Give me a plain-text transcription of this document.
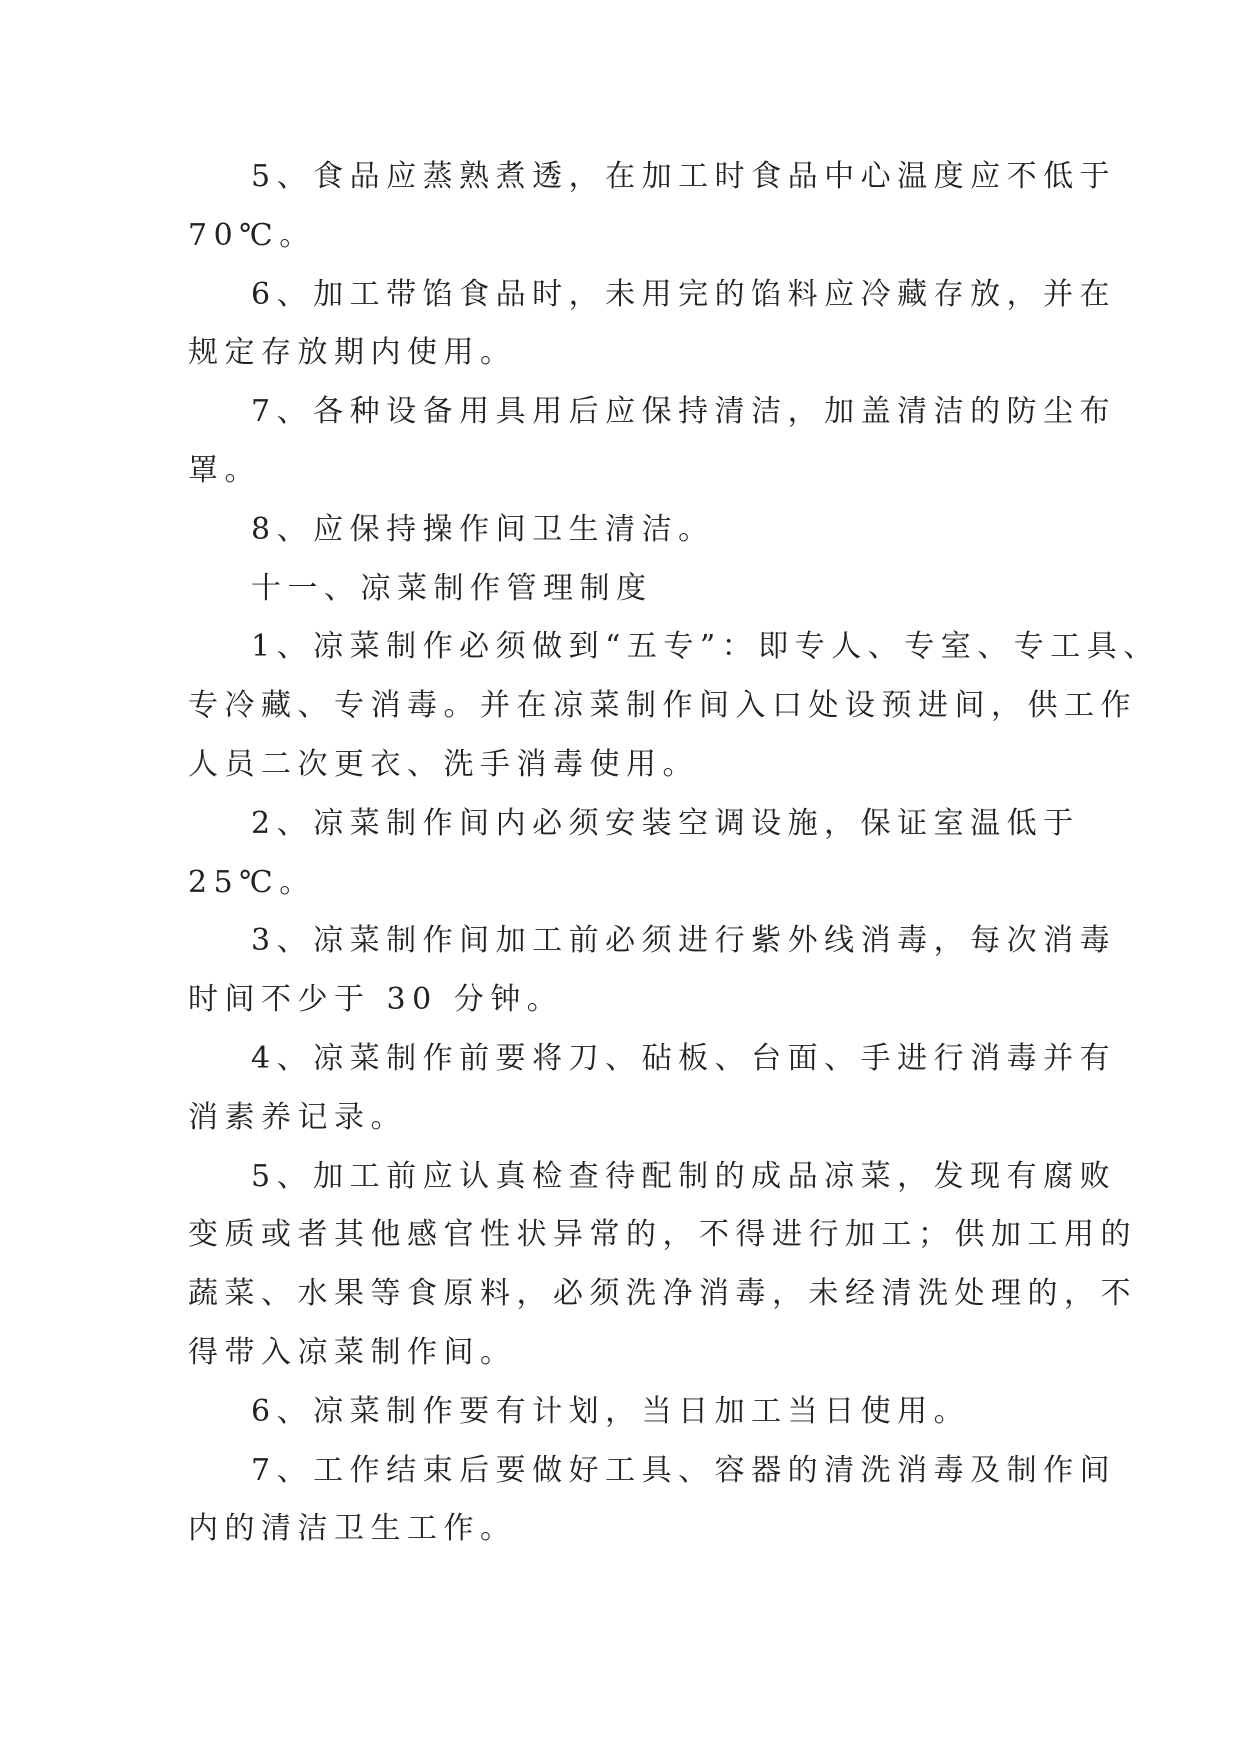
5、食品应蒸熟煮透，在加工时食品中心温度应不低于
70℃。
6、加工带馅食品时，未用完的馅料应冷藏存放，并在
规定存放期内使用。
7、各种设备用具用后应保持清洁，加盖清洁的防尘布
罩。
8、应保持操作间卫生清洁。
十一、凉菜制作管理制度
1、凉菜制作必须做到“五专”：即专人、专室、专工具、
专冷藏、专消毒。并在凉菜制作间入口处设预进间，供工作
人员二次更衣、洗手消毒使用。
2、凉菜制作间内必须安装空调设施，保证室温低于
25℃。
3、凉菜制作间加工前必须进行紫外线消毒，每次消毒
时间不少于 30 分钟。
4、凉菜制作前要将刀、砧板、台面、手进行消毒并有
消素养记录。
5、加工前应认真检查待配制的成品凉菜，发现有腐败
变质或者其他感官性状异常的，不得进行加工；供加工用的
蔬菜、水果等食原料，必须洗净消毒，未经清洗处理的，不
得带入凉菜制作间。
6、凉菜制作要有计划，当日加工当日使用。
7、工作结束后要做好工具、容器的清洗消毒及制作间
内的清洁卫生工作。
